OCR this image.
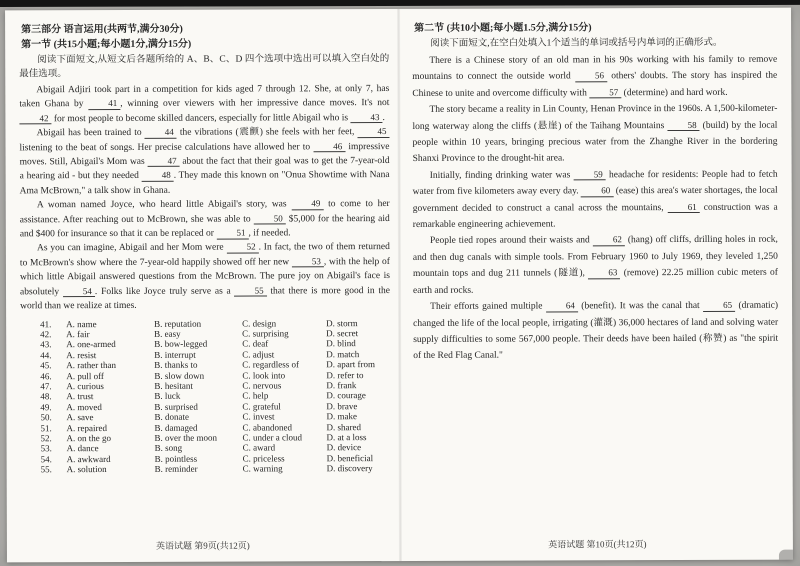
第三部分 语言运用(共两节,满分30分)
第一节 (共15小题;每小题1分,满分15分)
阅读下面短文,从短文后各题所给的 A、B、C、D 四个选项中选出可以填入空白处的最佳选项。

Abigail Adjiri took part in a competition for kids aged 7 through 12. She, at only 7, has taken Ghana by 41 , winning over viewers with her impressive dance moves. It's not 42 for most people to become skilled dancers, especially for little Abigail who is 43 .

Abigail has been trained to 44 the vibrations (震颤) she feels with her feet, 45 listening to the beat of songs. Her precise calculations have allowed her to 46 impressive moves. Still, Abigail's Mom was 47 about the fact that their goal was to get the 7-year-old a hearing aid - but they needed 48 . They made this known on "Onua Showtime with Nana Ama McBrown," a talk show in Ghana.

A woman named Joyce, who heard little Abigail's story, was 49 to come to her assistance. After reaching out to McBrown, she was able to 50 $5,000 for the hearing aid and $400 for insurance so that it can be replaced or 51 , if needed.

As you can imagine, Abigail and her Mom were 52 . In fact, the two of them returned to McBrown's show where the 7-year-old happily showed off her new 53 , with the help of which little Abigail answered questions from the McBrown. The pure joy on Abigail's face is absolutely 54 . Folks like Joyce truly serve as a 55 that there is more good in the world than we realize at times.

41.	A. name	B. reputation	C. design	D. storm
42.	A. fair	B. easy	C. surprising	D. secret
43.	A. one-armed	B. bow-legged	C. deaf	D. blind
44.	A. resist	B. interrupt	C. adjust	D. match
45.	A. rather than	B. thanks to	C. regardless of	D. apart from
46.	A. pull off	B. slow down	C. look into	D. refer to
47.	A. curious	B. hesitant	C. nervous	D. frank
48.	A. trust	B. luck	C. help	D. courage
49.	A. moved	B. surprised	C. grateful	D. brave
50.	A. save	B. donate	C. invest	D. make
51.	A. repaired	B. damaged	C. abandoned	D. shared
52.	A. on the go	B. over the moon	C. under a cloud	D. at a loss
53.	A. dance	B. song	C. award	D. device
54.	A. awkward	B. pointless	C. priceless	D. beneficial
55.	A. solution	B. reminder	C. warning	D. discovery
英语试题 第9页(共12页)
第二节 (共10小题;每小题1.5分,满分15分)
阅读下面短文,在空白处填入1个适当的单词或括号内单词的正确形式。

There is a Chinese story of an old man in his 90s working with his family to remove mountains to connect the outside world 56 others' doubts. The story has inspired the Chinese to unite and overcome difficulty with 57 (determine) and hard work.

The story became a reality in Lin County, Henan Province in the 1960s. A 1,500-kilometer-long waterway along the cliffs (悬崖) of the Taihang Mountains 58 (build) by the local people within 10 years, bringing precious water from the Zhanghe River in the bordering Shanxi Province to the drought-hit area.

Initially, finding drinking water was 59 headache for residents: People had to fetch water from five kilometers away every day. 60 (ease) this area's water shortages, the local government decided to construct a canal across the mountains, 61 construction was a remarkable engineering achievement.

People tied ropes around their waists and 62 (hang) off cliffs, drilling holes in rock, and then dug canals with simple tools. From February 1960 to July 1969, they leveled 1,250 mountain tops and dug 211 tunnels (隧道), 63 (remove) 22.25 million cubic meters of earth and rocks.

Their efforts gained multiple 64 (benefit). It was the canal that 65 (dramatic) changed the life of the local people, irrigating (灌溉) 36,000 hectares of land and solving water supply difficulties to some 567,000 people. Their deeds have been hailed (称赞) as "the spirit of the Red Flag Canal."

英语试题 第10页(共12页)
